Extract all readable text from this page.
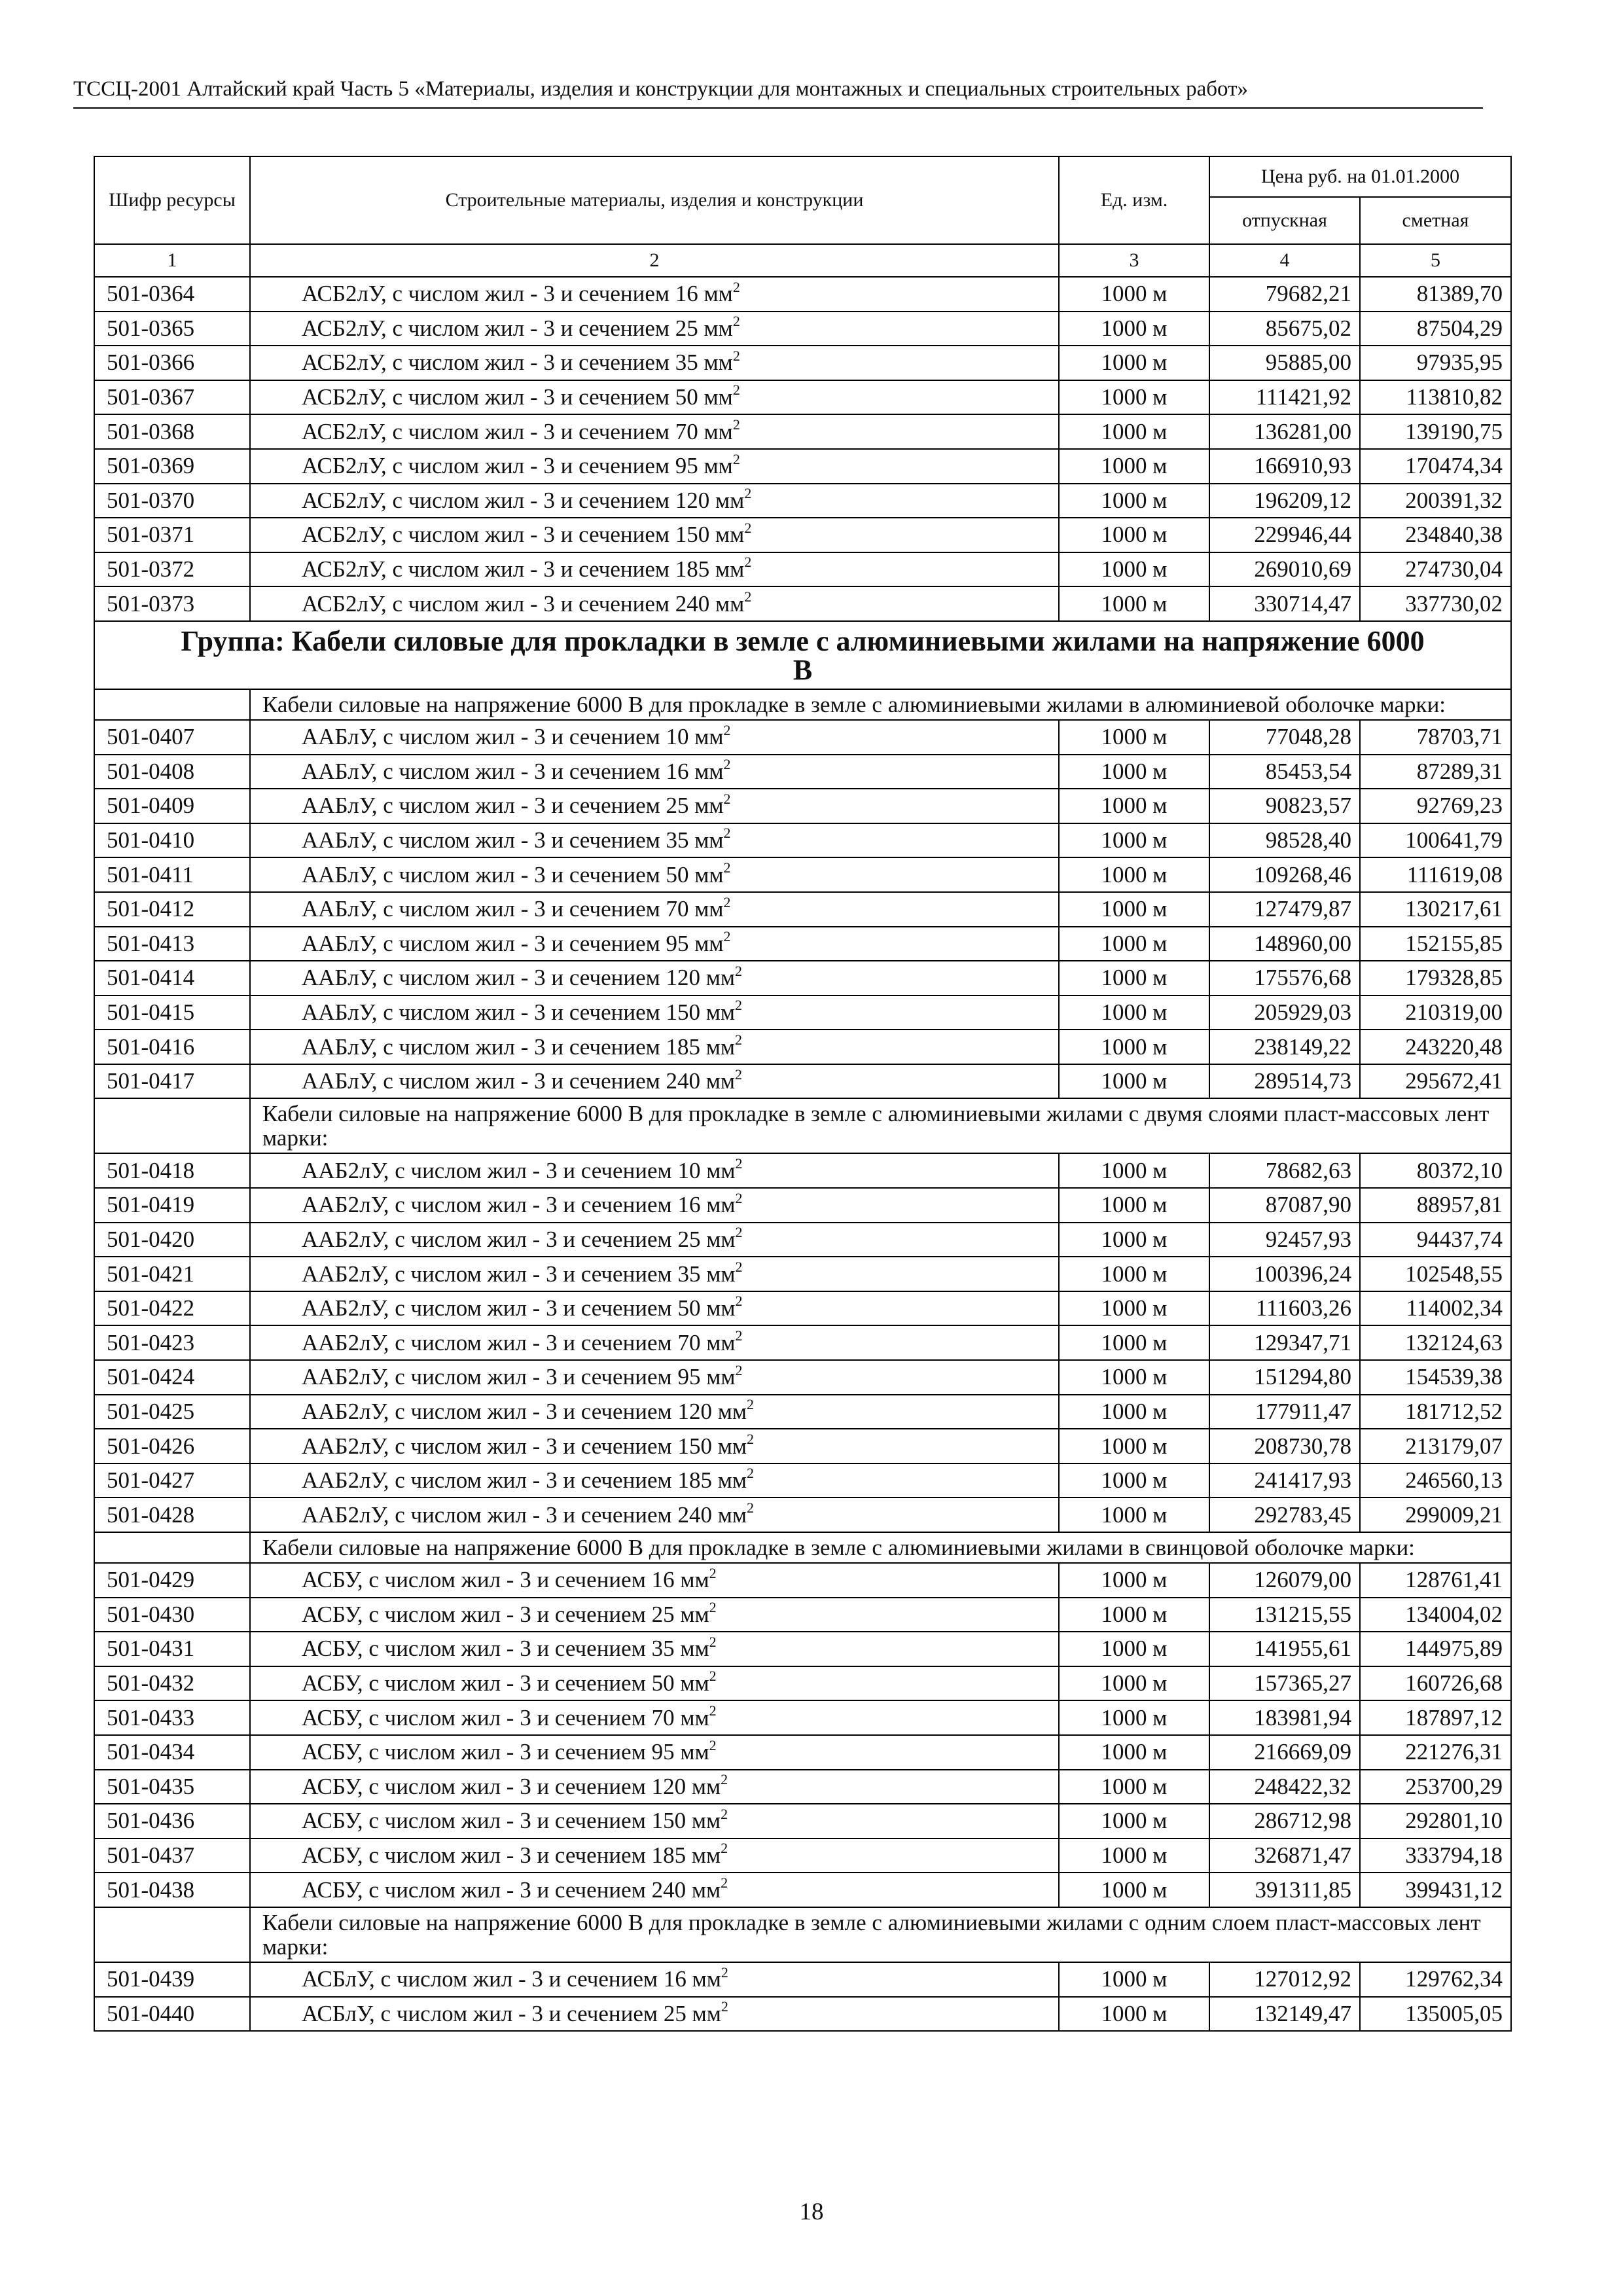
ТССЦ-2001 Алтайский край Часть 5 «Материалы, изделия и конструкции для монтажных и специальных строительных работ»
Шифр ресурсы	Строительные материалы, изделия и конструкции	Ед. изм.	Цена руб. на 01.01.2000	
			отпускная	сметная
1	2	3	4	5
501-0364	АСБ2лУ, с числом жил - 3 и сечением 16 $мм^2$	1000 м	79682,21	81389,70
501-0365	АСБ2лУ, с числом жил - 3 и сечением 25 $мм^2$	1000 м	85675,02	87504,29
501-0366	АСБ2лУ, с числом жил - 3 и сечением 35 $мм^2$	1000 м	95885,00	97935,95
501-0367	АСБ2лУ, с числом жил - 3 и сечением 50 $мм^2$	1000 м	111421,92	113810,82
501-0368	АСБ2лУ, с числом жил - 3 и сечением 70 $мм^2$	1000 м	136281,00	139190,75
501-0369	АСБ2лУ, с числом жил - 3 и сечением 95 $мм^2$	1000 м	166910,93	170474,34
501-0370	АСБ2лУ, с числом жил - 3 и сечением 120 $мм^2$	1000 м	196209,12	200391,32
501-0371	АСБ2лУ, с числом жил - 3 и сечением 150 $мм^2$	1000 м	229946,44	234840,38
501-0372	АСБ2лУ, с числом жил - 3 и сечением 185 $мм^2$	1000 м	269010,69	274730,04
501-0373	АСБ2лУ, с числом жил - 3 и сечением 240 $мм^2$	1000 м	330714,47	337730,02
Группа: Кабели силовые для прокладки в земле с алюминиевыми жилами на напряжение 6000
В				
	Кабели силовые на напряжение 6000 В для прокладке в земле с алюминиевыми жилами в алюминиевой оболочке марки:			
501-0407	ААБлУ, с числом жил - 3 и сечением 10 $мм^2$	1000 м	77048,28	78703,71
501-0408	ААБлУ, с числом жил - 3 и сечением 16 $мм^2$	1000 м	85453,54	87289,31
501-0409	ААБлУ, с числом жил - 3 и сечением 25 $мм^2$	1000 м	90823,57	92769,23
501-0410	ААБлУ, с числом жил - 3 и сечением 35 $мм^2$	1000 м	98528,40	100641,79
501-0411	ААБлУ, с числом жил - 3 и сечением 50 $мм^2$	1000 м	109268,46	111619,08
501-0412	ААБлУ, с числом жил - 3 и сечением 70 $мм^2$	1000 м	127479,87	130217,61
501-0413	ААБлУ, с числом жил - 3 и сечением 95 $мм^2$	1000 м	148960,00	152155,85
501-0414	ААБлУ, с числом жил - 3 и сечением 120 $мм^2$	1000 м	175576,68	179328,85
501-0415	ААБлУ, с числом жил - 3 и сечением 150 $мм^2$	1000 м	205929,03	210319,00
501-0416	ААБлУ, с числом жил - 3 и сечением 185 $мм^2$	1000 м	238149,22	243220,48
501-0417	ААБлУ, с числом жил - 3 и сечением 240 $мм^2$	1000 м	289514,73	295672,41
	Кабели силовые на напряжение 6000 В для прокладке в земле с алюминиевыми жилами с двумя слоями пласт-массовых лент марки:			
501-0418	ААБ2лУ, с числом жил - 3 и сечением 10 $мм^2$	1000 м	78682,63	80372,10
501-0419	ААБ2лУ, с числом жил - 3 и сечением 16 $мм^2$	1000 м	87087,90	88957,81
501-0420	ААБ2лУ, с числом жил - 3 и сечением 25 $мм^2$	1000 м	92457,93	94437,74
501-0421	ААБ2лУ, с числом жил - 3 и сечением 35 $мм^2$	1000 м	100396,24	102548,55
501-0422	ААБ2лУ, с числом жил - 3 и сечением 50 $мм^2$	1000 м	111603,26	114002,34
501-0423	ААБ2лУ, с числом жил - 3 и сечением 70 $мм^2$	1000 м	129347,71	132124,63
501-0424	ААБ2лУ, с числом жил - 3 и сечением 95 $мм^2$	1000 м	151294,80	154539,38
501-0425	ААБ2лУ, с числом жил - 3 и сечением 120 $мм^2$	1000 м	177911,47	181712,52
501-0426	ААБ2лУ, с числом жил - 3 и сечением 150 $мм^2$	1000 м	208730,78	213179,07
501-0427	ААБ2лУ, с числом жил - 3 и сечением 185 $мм^2$	1000 м	241417,93	246560,13
501-0428	ААБ2лУ, с числом жил - 3 и сечением 240 $мм^2$	1000 м	292783,45	299009,21
	Кабели силовые на напряжение 6000 В для прокладке в земле с алюминиевыми жилами в свинцовой оболочке марки:			
501-0429	АСБУ, с числом жил - 3 и сечением 16 $мм^2$	1000 м	126079,00	128761,41
501-0430	АСБУ, с числом жил - 3 и сечением 25 $мм^2$	1000 м	131215,55	134004,02
501-0431	АСБУ, с числом жил - 3 и сечением 35 $мм^2$	1000 м	141955,61	144975,89
501-0432	АСБУ, с числом жил - 3 и сечением 50 $мм^2$	1000 м	157365,27	160726,68
501-0433	АСБУ, с числом жил - 3 и сечением 70 $мм^2$	1000 м	183981,94	187897,12
501-0434	АСБУ, с числом жил - 3 и сечением 95 $мм^2$	1000 м	216669,09	221276,31
501-0435	АСБУ, с числом жил - 3 и сечением 120 $мм^2$	1000 м	248422,32	253700,29
501-0436	АСБУ, с числом жил - 3 и сечением 150 $мм^2$	1000 м	286712,98	292801,10
501-0437	АСБУ, с числом жил - 3 и сечением 185 $мм^2$	1000 м	326871,47	333794,18
501-0438	АСБУ, с числом жил - 3 и сечением 240 $мм^2$	1000 м	391311,85	399431,12
	Кабели силовые на напряжение 6000 В для прокладке в земле с алюминиевыми жилами с одним слоем пласт-массовых лент марки:			
501-0439	АСБлУ, с числом жил - 3 и сечением 16 $мм^2$	1000 м	127012,92	129762,34
501-0440	АСБлУ, с числом жил - 3 и сечением 25 $мм^2$	1000 м	132149,47	135005,05
18
